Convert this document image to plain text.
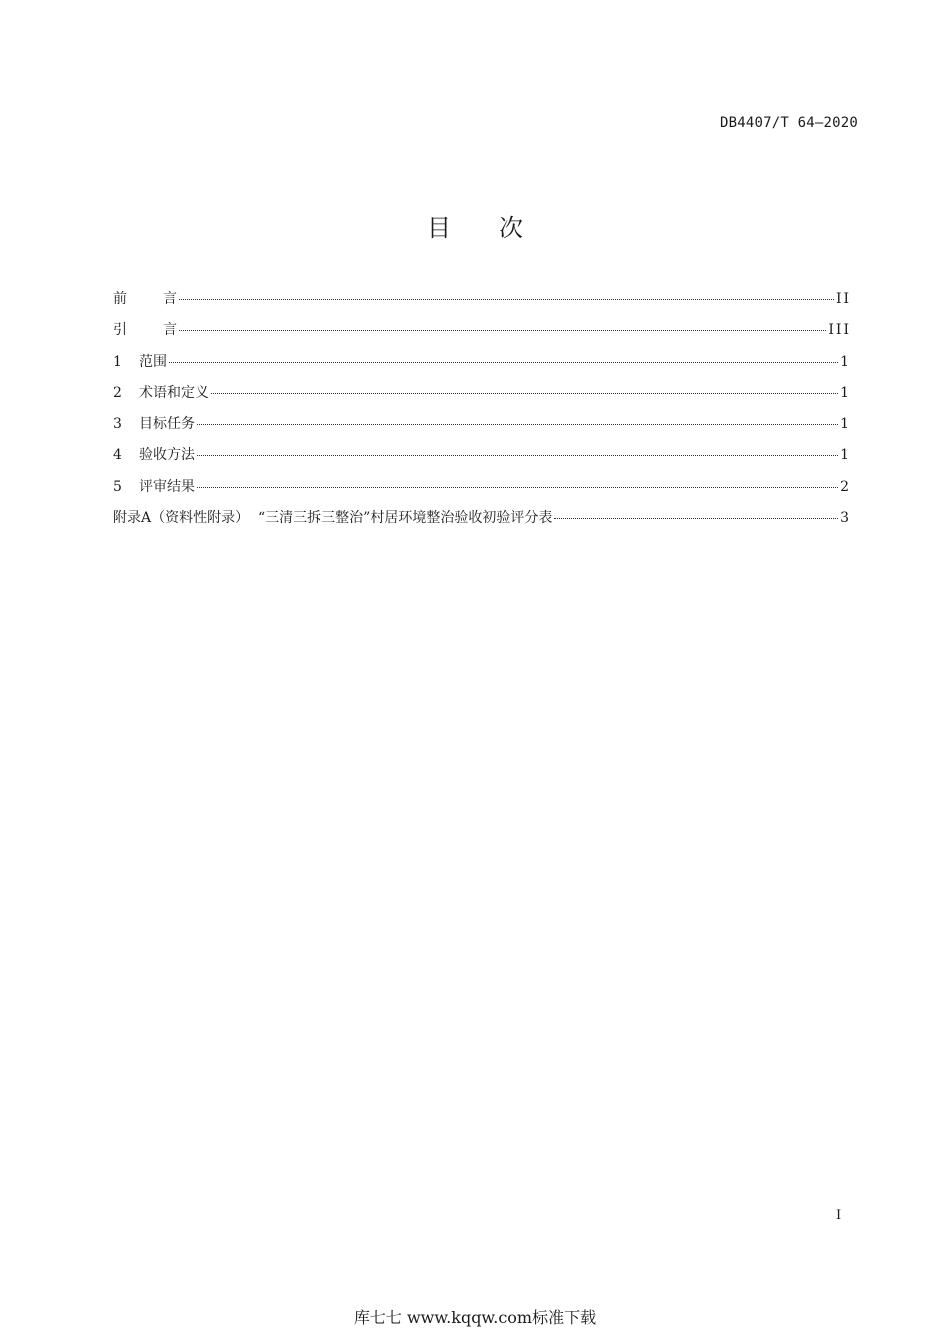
DB4407/T 64—2020
目 次
前	言	II
引	言	III
1	范围	1
2	术语和定义	1
3	目标任务	1
4	验收方法	1
5	评审结果	2
附录A（资料性附录）  “三清三拆三整治”村居环境整治验收初验评分表	3
I
库七七 www.kqqw.com标准下载
